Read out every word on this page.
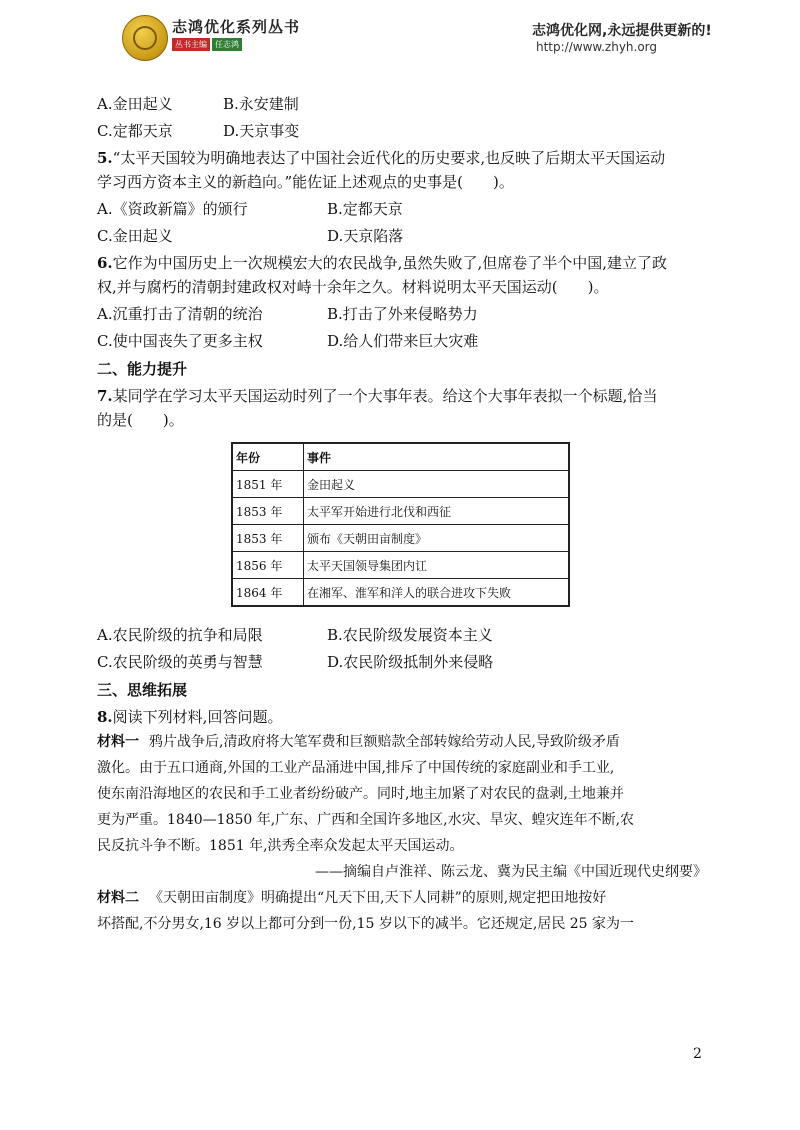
志鸿优化系列丛书
丛书主编	任志鸿
志鸿优化网,永远提供更新的!
http://www.zhyh.org
A.金田起义	B.永安建制
C.定都天京	D.天京事变
5.“太平天国较为明确地表达了中国社会近代化的历史要求,也反映了后期太平天国运动
学习西方资本主义的新趋向。”能佐证上述观点的史事是(　　)。
A.《资政新篇》的颁行	B.定都天京
C.金田起义	D.天京陷落
6.它作为中国历史上一次规模宏大的农民战争,虽然失败了,但席卷了半个中国,建立了政
权,并与腐朽的清朝封建政权对峙十余年之久。材料说明太平天国运动(　　)。
A.沉重打击了清朝的统治	B.打击了外来侵略势力
C.使中国丧失了更多主权	D.给人们带来巨大灾难
二、能力提升
7.某同学在学习太平天国运动时列了一个大事年表。给这个大事年表拟一个标题,恰当
的是(　　)。
年份	事件
1851 年	金田起义
1853 年	太平军开始进行北伐和西征
1853 年	颁布《天朝田亩制度》
1856 年	太平天国领导集团内讧
1864 年	在湘军、淮军和洋人的联合进攻下失败
A.农民阶级的抗争和局限	B.农民阶级发展资本主义
C.农民阶级的英勇与智慧	D.农民阶级抵制外来侵略
三、思维拓展
8.阅读下列材料,回答问题。
材料一 鸦片战争后,清政府将大笔军费和巨额赔款全部转嫁给劳动人民,导致阶级矛盾
激化。由于五口通商,外国的工业产品涌进中国,排斥了中国传统的家庭副业和手工业,
使东南沿海地区的农民和手工业者纷纷破产。同时,地主加紧了对农民的盘剥,土地兼并
更为严重。1840—1850 年,广东、广西和全国许多地区,水灾、旱灾、蝗灾连年不断,农
民反抗斗争不断。1851 年,洪秀全率众发起太平天国运动。
——摘编自卢淮祥、陈云龙、冀为民主编《中国近现代史纲要》
材料二 《天朝田亩制度》明确提出“凡天下田,天下人同耕”的原则,规定把田地按好
坏搭配,不分男女,16 岁以上都可分到一份,15 岁以下的减半。它还规定,居民 25 家为一
2
